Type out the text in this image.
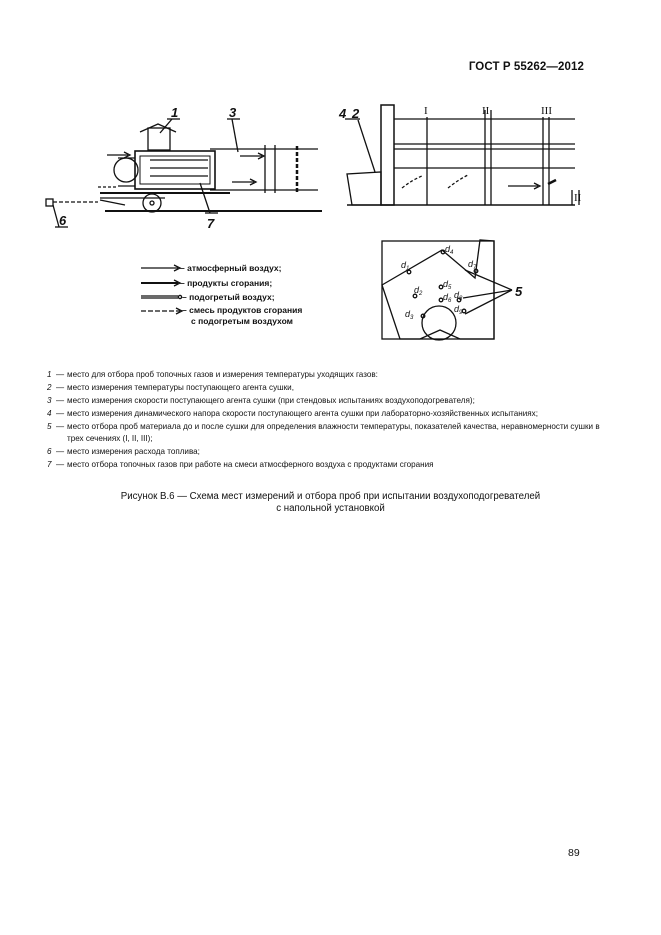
ГОСТ Р 55262—2012
1	3
7
6
4 2
5
I	II	III
II
$d_1$
$d_2$
$d_3$
$d_4$
$d_5$
$d_6$
$d_7$
$d_8$
$d_9$
– атмосферный воздух;
– продукты сгорания;
– подогретый воздух;
– смесь продуктов сгорания
с подогретым воздухом
1 — место для отбора проб топочных газов и измерения температуры уходящих газов:
2 — место измерения температуры поступающего агента сушки,
3 — место измерения скорости поступающего агента сушки (при стендовых испытаниях воздухоподогревателя);
4 — место измерения динамического напора скорости поступающего агента сушки при лабораторно-хозяйственных испытаниях;
5 — место отбора проб материала до и после сушки для определения влажности температуры, показателей качества, неравномерности сушки в трех сечениях (I, II, III);
6 — место измерения расхода топлива;
7 — место отбора топочных газов при работе на смеси атмосферного воздуха с продуктами сгорания
Рисунок В.6 — Схема мест измерений и отбора проб при испытании воздухоподогревателей
с напольной установкой
89
